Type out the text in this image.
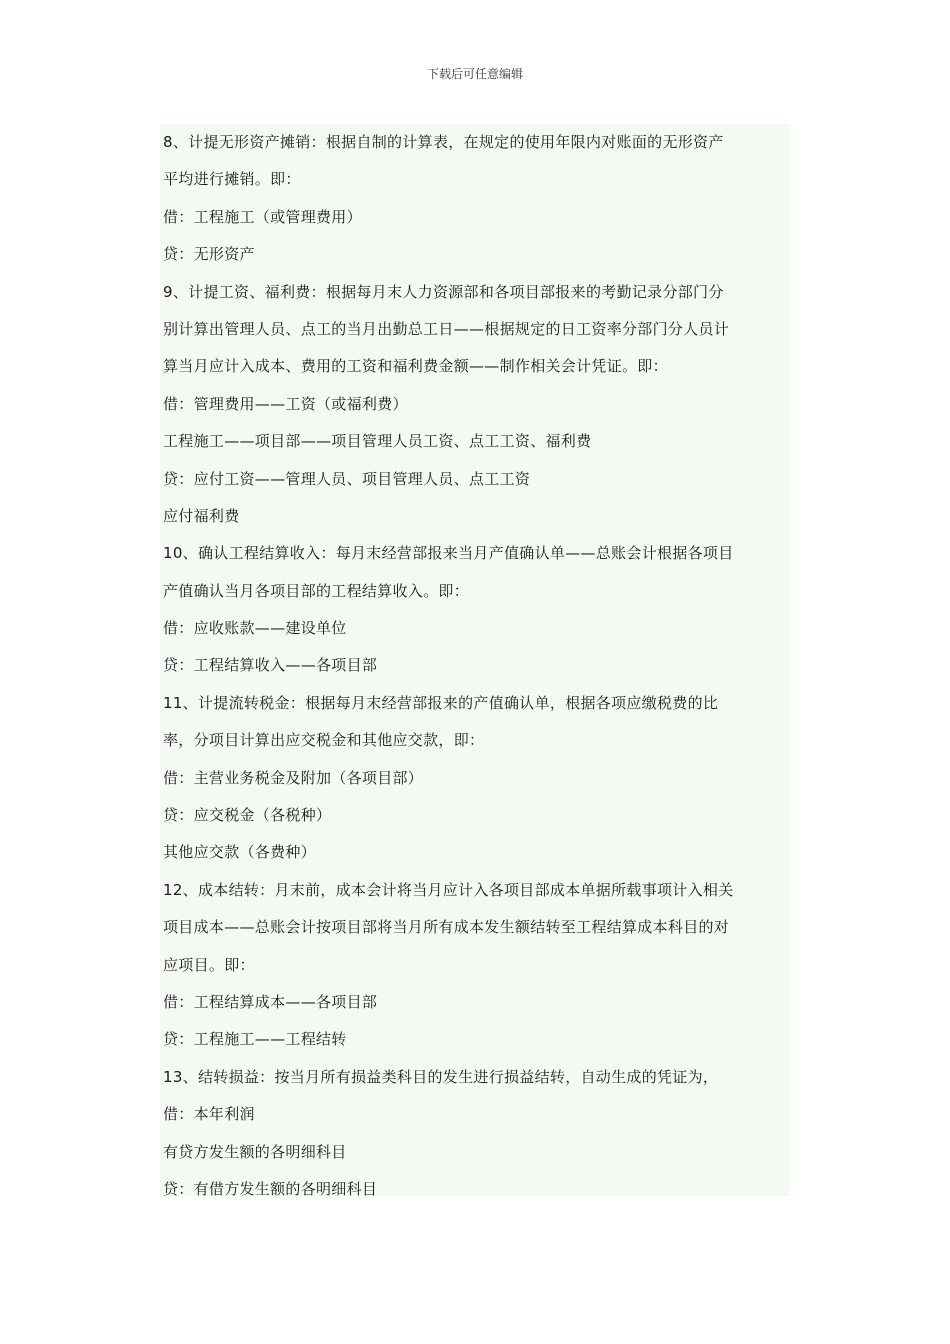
下载后可任意编辑
8、计提无形资产摊销：根据自制的计算表，在规定的使用年限内对账面的无形资产
平均进行摊销。即：
借：工程施工（或管理费用）
贷：无形资产
9、计提工资、福利费：根据每月末人力资源部和各项目部报来的考勤记录分部门分
别计算出管理人员、点工的当月出勤总工日——根据规定的日工资率分部门分人员计
算当月应计入成本、费用的工资和福利费金额——制作相关会计凭证。即：
借：管理费用——工资（或福利费）
工程施工——项目部——项目管理人员工资、点工工资、福利费
贷：应付工资——管理人员、项目管理人员、点工工资
应付福利费
10、确认工程结算收入：每月末经营部报来当月产值确认单——总账会计根据各项目
产值确认当月各项目部的工程结算收入。即：
借：应收账款——建设单位
贷：工程结算收入——各项目部
11、计提流转税金：根据每月末经营部报来的产值确认单，根据各项应缴税费的比
率，分项目计算出应交税金和其他应交款，即：
借：主营业务税金及附加（各项目部）
贷：应交税金（各税种）
其他应交款（各费种）
12、成本结转：月末前，成本会计将当月应计入各项目部成本单据所载事项计入相关
项目成本——总账会计按项目部将当月所有成本发生额结转至工程结算成本科目的对
应项目。即：
借：工程结算成本——各项目部
贷：工程施工——工程结转
13、结转损益：按当月所有损益类科目的发生进行损益结转，自动生成的凭证为，
借：本年利润
有贷方发生额的各明细科目
贷：有借方发生额的各明细科目
